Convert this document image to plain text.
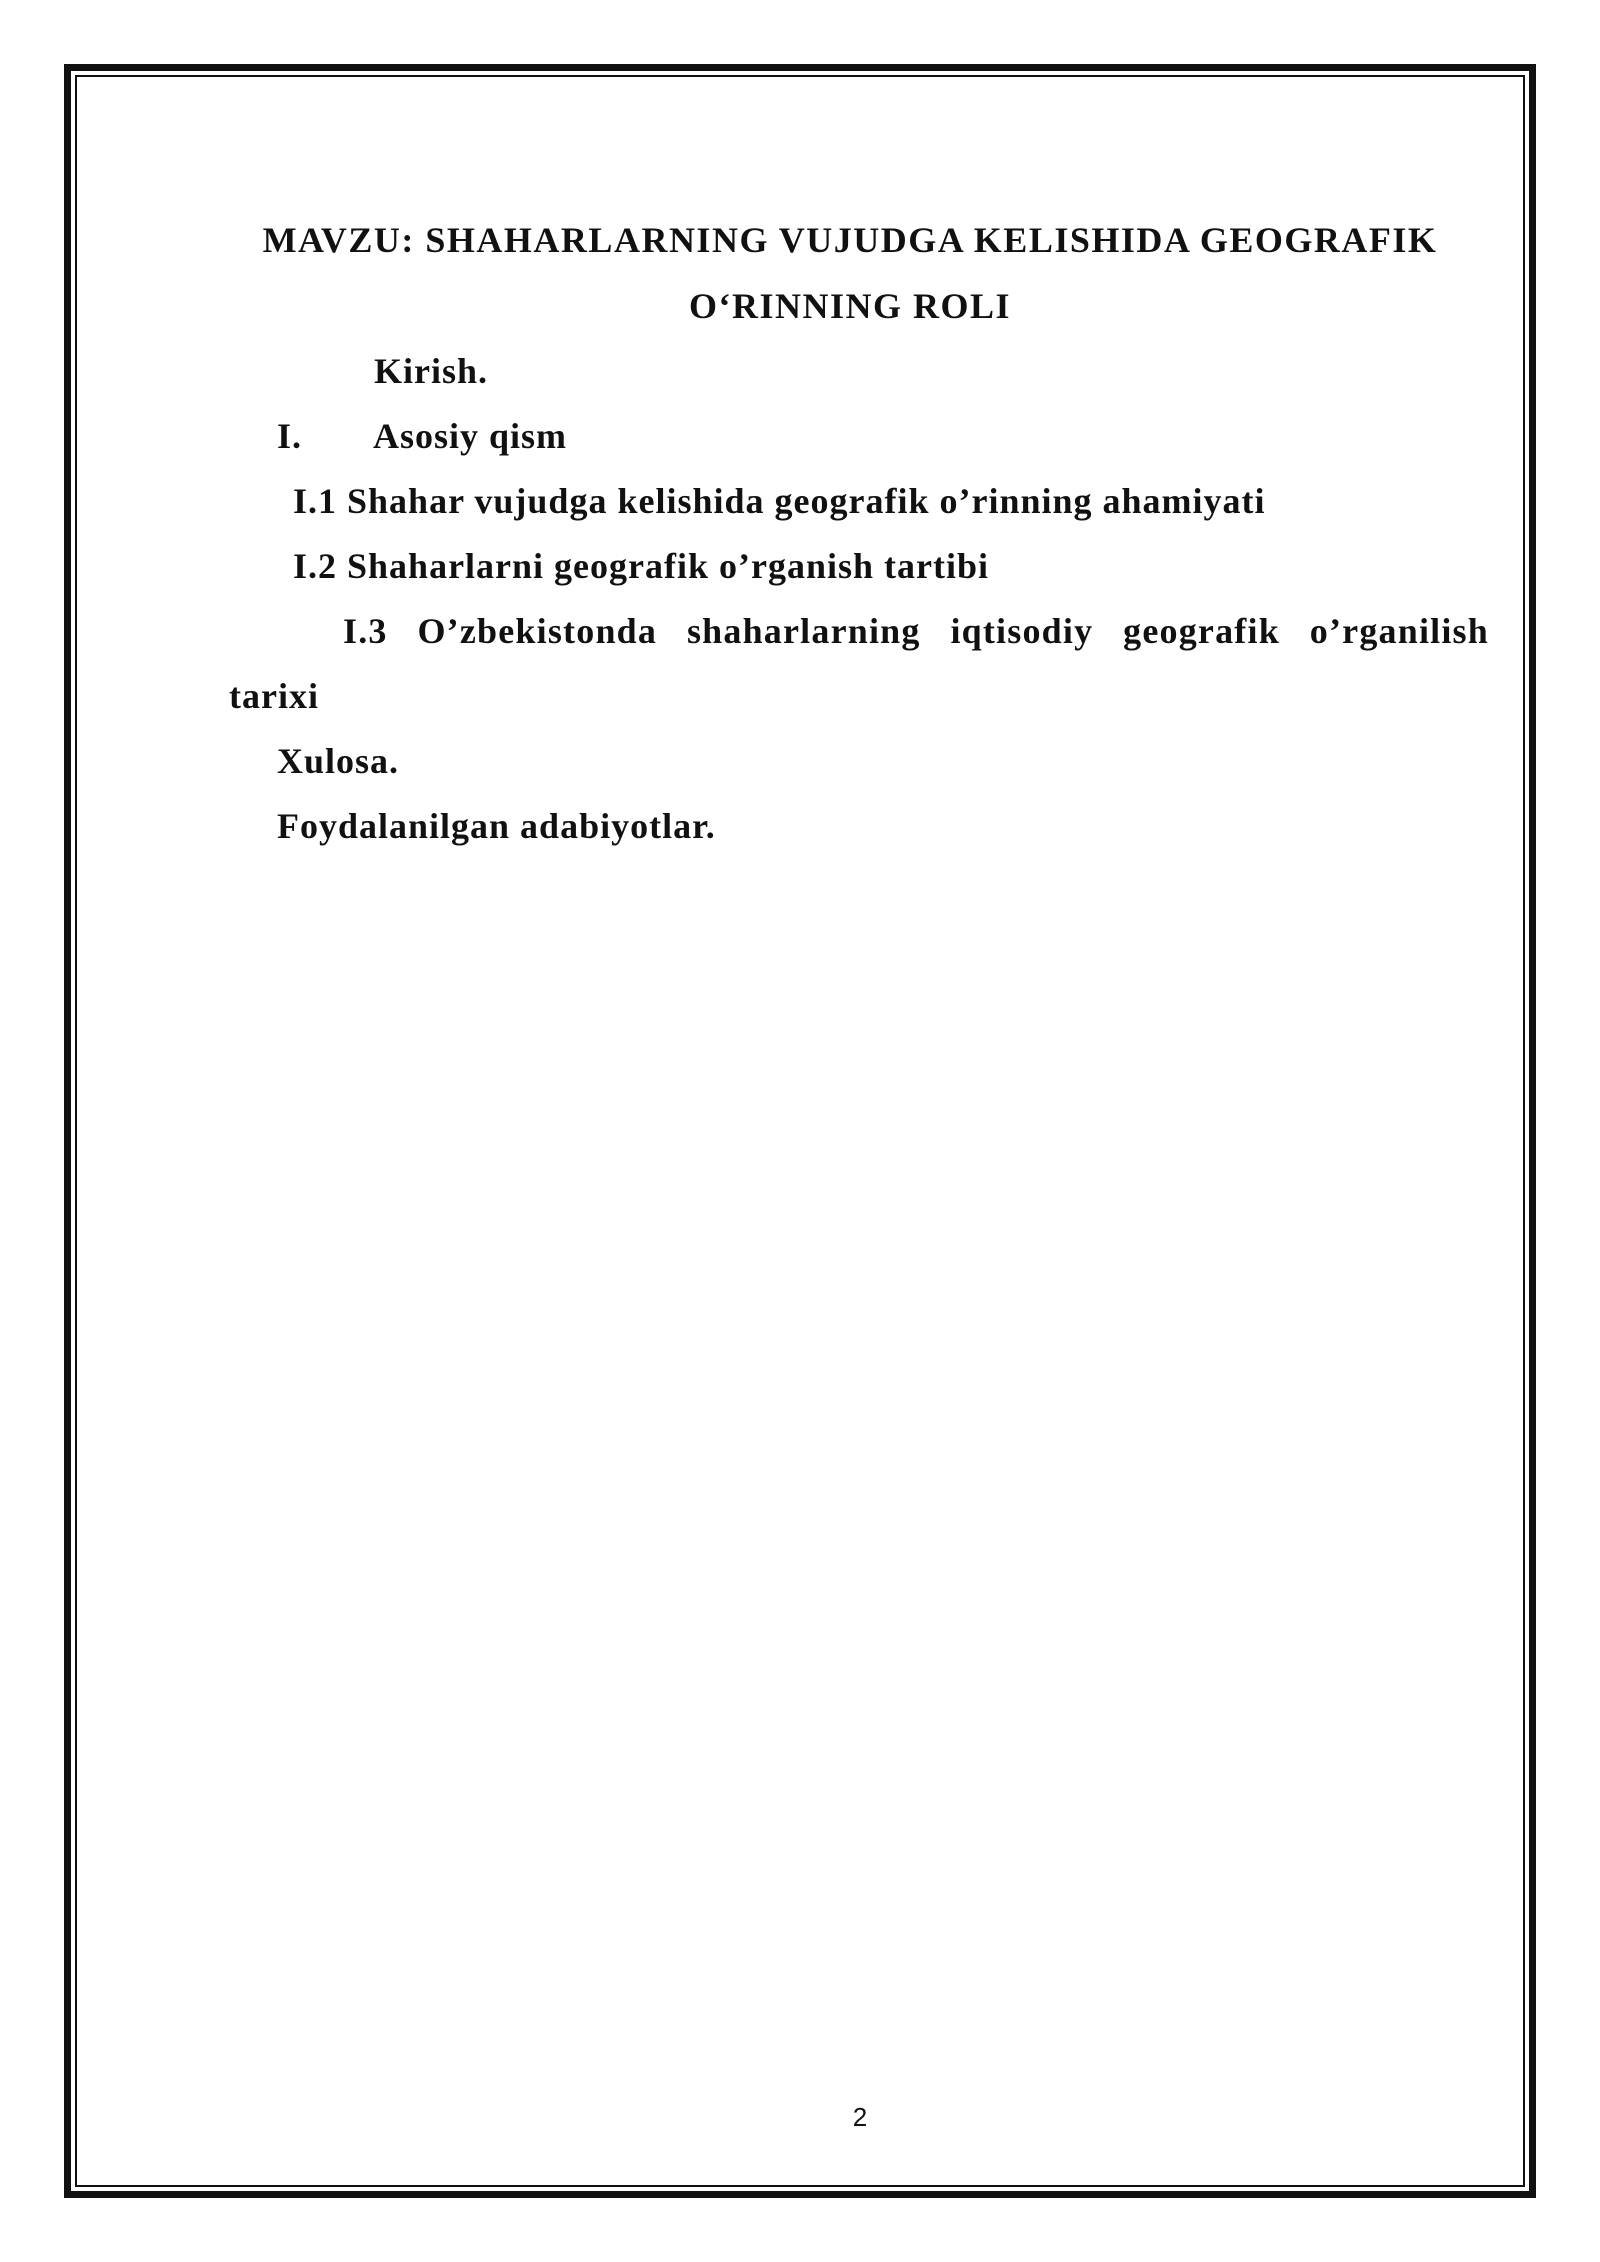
MAVZU: SHAHARLARNING VUJUDGA KELISHIDA GEOGRAFIK
O‘RINNING ROLI
Kirish.
I. Asosiy qism
I.1 Shahar vujudga kelishida geografik o’rinning ahamiyati
I.2 Shaharlarni geografik o’rganish tartibi
I.3 O’zbekistonda shaharlarning iqtisodiy geografik o’rganilish
tarixi
Xulosa.
Foydalanilgan adabiyotlar.
2
